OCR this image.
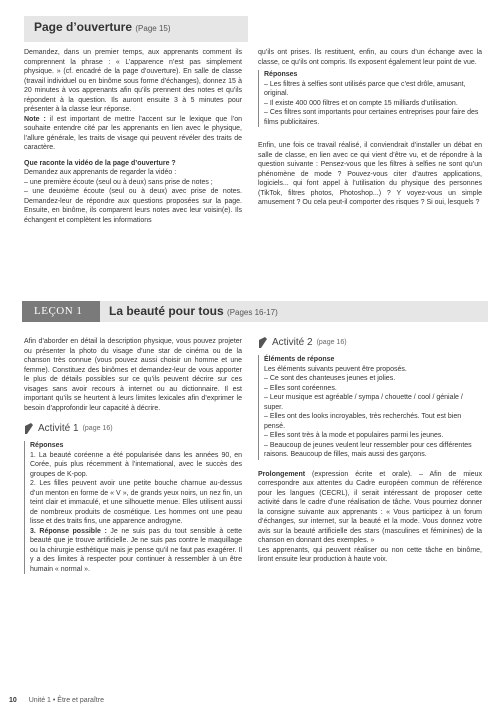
Page d’ouverture (Page 15)

Demandez, dans un premier temps, aux apprenants comment ils comprennent la phrase : « L’apparence n’est pas simplement physique. » (cf. encadré de la page d’ouverture). En salle de classe (travail individuel ou en binôme sous forme d’échanges), donnez 15 à 20 minutes à vos apprenants afin qu’ils prennent des notes et qu’ils répondent à la question. Ils auront ensuite 3 à 5 minutes pour présenter à la classe leur réponse.

Note : il est important de mettre l’accent sur le lexique que l’on souhaite entendre cité par les apprenants en lien avec le physique, l’allure générale, les traits de visage qui peuvent révéler des traits de caractère.

Que raconte la vidéo de la page d’ouverture ?

Demandez aux apprenants de regarder la vidéo :
– une première écoute (seul ou à deux) sans prise de notes ;
– une deuxième écoute (seul ou à deux) avec prise de notes. Demandez-leur de répondre aux questions proposées sur la page. Ensuite, en binôme, ils comparent leurs notes avec leur voisin(e). Ils échangent et complètent les informations

qu’ils ont prises. Ils restituent, enfin, au cours d’un échange avec la classe, ce qu’ils ont compris. Ils exposent également leur point de vue.

Réponses

– Les filtres à selfies sont utilisés parce que c’est drôle, amusant, original.

– Il existe 400 000 filtres et on compte 15 milliards d’utilisation.

– Ces filtres sont importants pour certaines entreprises pour faire des films publicitaires.

Enfin, une fois ce travail réalisé, il conviendrait d’installer un débat en salle de classe, en lien avec ce qui vient d’être vu, et de répondre à la question suivante : Pensez-vous que les filtres à selfies ne sont qu’un phénomène de mode ? Pouvez-vous citer d’autres applications, logiciels... qui font appel à l’utilisation du physique des personnes (TikTok, filtres photos, Photoshop...) ? Y voyez-vous un simple amusement ? Ou cela peut-il comporter des risques ? Si oui, lesquels ?

LEÇON 1 La beauté pour tous (Pages 16-17)

Afin d’aborder en détail la description physique, vous pouvez projeter ou présenter la photo du visage d’une star de cinéma ou de la chanson très connue (vous pouvez aussi choisir un homme et une femme). Constituez des binômes et demandez-leur de vous apporter le plus de détails possibles sur ce qu’ils peuvent décrire sur ces visages sans avoir recours à internet ou au dictionnaire. Il est important qu’ils se heurtent à leurs limites lexicales afin d’exprimer le besoin d’approfondir leur capacité à décrire.

Activité 1 (page 16)

Réponses

1. La beauté coréenne a été popularisée dans les années 90, en Corée, puis plus récemment à l’international, avec le succès des groupes de K-pop.

2. Les filles peuvent avoir une petite bouche charnue au-dessus d’un menton en forme de « V », de grands yeux noirs, un nez fin, un teint clair et immaculé, et une silhouette menue. Elles utilisent aussi de nombreux produits de cosmétique. Les hommes ont une peau lisse et des traits fins, une apparence androgyne.

3. Réponse possible : Je ne suis pas du tout sensible à cette beauté que je trouve artificielle. Je ne suis pas contre le maquillage ou la chirurgie esthétique mais je pense qu’il ne faut pas exagérer. Il y a des limites à respecter pour continuer à ressembler à un être humain « normal ».

Activité 2 (page 16)

Éléments de réponse

Les éléments suivants peuvent être proposés.

– Ce sont des chanteuses jeunes et jolies.

– Elles sont coréennes.

– Leur musique est agréable / sympa / chouette / cool / géniale / super.

– Elles ont des looks incroyables, très recherchés. Tout est bien pensé.

– Elles sont très à la mode et populaires parmi les jeunes.

– Beaucoup de jeunes veulent leur ressembler pour ces différentes raisons. Beaucoup de filles, mais aussi des garçons.

Prolongement (expression écrite et orale). – Afin de mieux correspondre aux attentes du Cadre européen commun de référence pour les langues (CECRL), il serait intéressant de proposer cette activité dans le cadre d’une réalisation de tâche. Vous pourriez donner la consigne suivante aux apprenants : « Vous participez à un forum d’échanges, sur internet, sur la beauté et la mode. Vous donnez votre avis sur la beauté artificielle des stars (masculines et féminines) de la chanson en donnant des exemples. »

Les apprenants, qui peuvent réaliser ou non cette tâche en binôme, liront ensuite leur production à haute voix.

10 Unité 1 • Être et paraître
